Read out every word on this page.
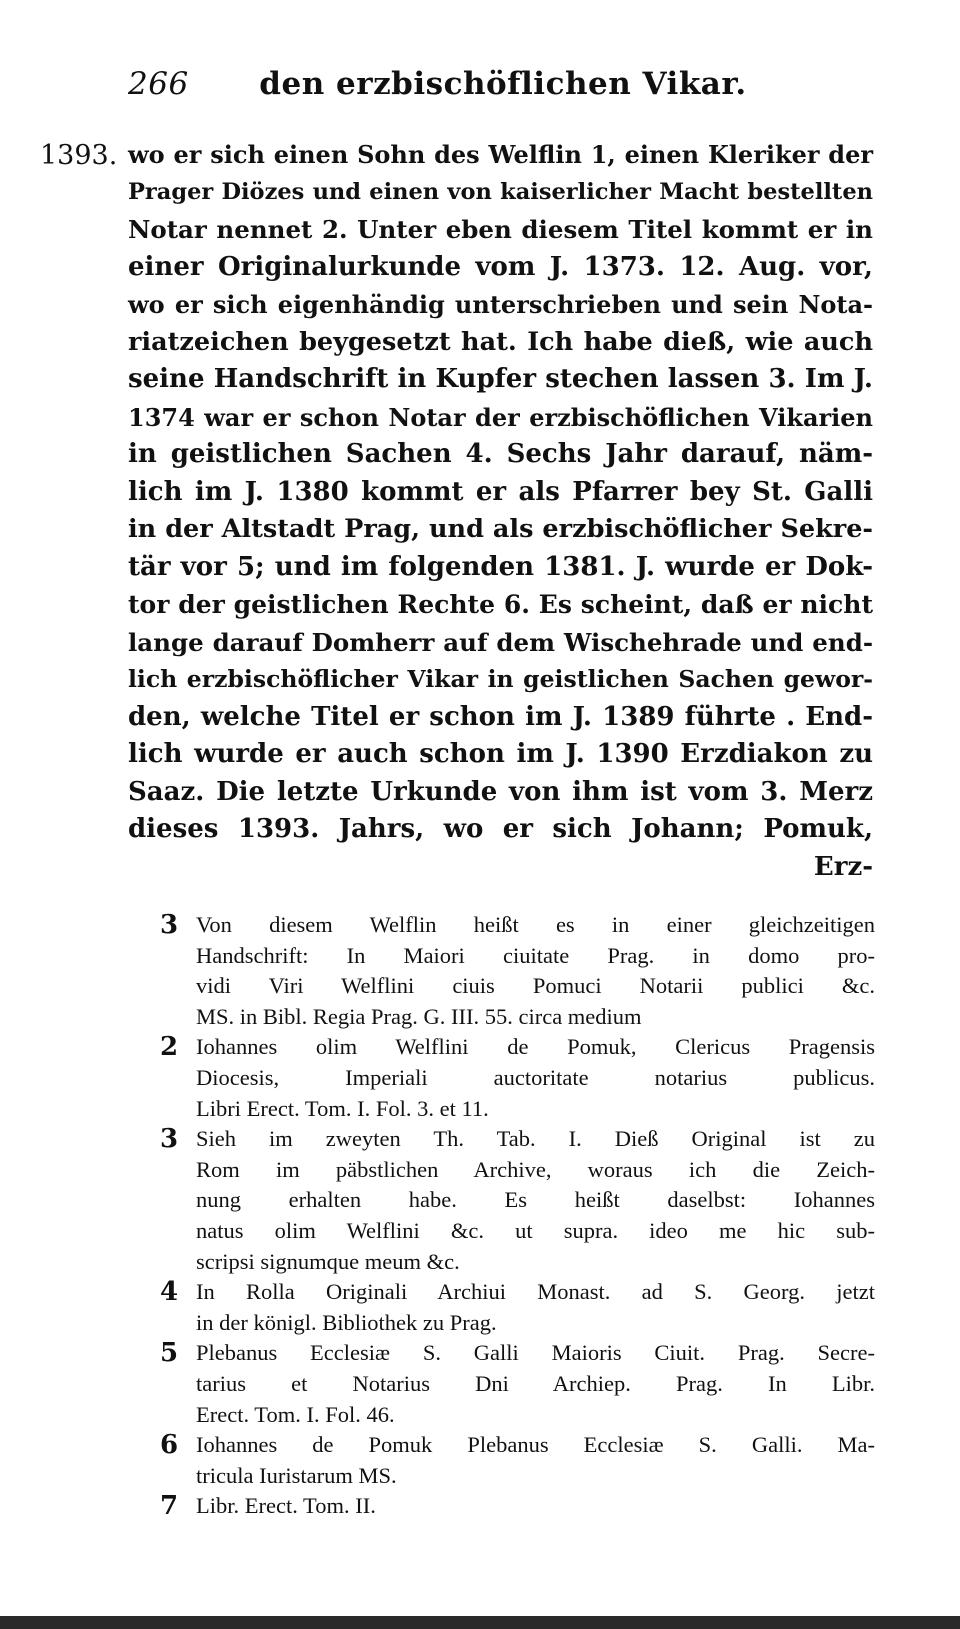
266 den erzbischöflichen Vikar.
1393. wo er sich einen Sohn des Welflin 1, einen Kleriker der
Prager Diözes und einen von kaiserlicher Macht bestellten
Notar nennet 2. Unter eben diesem Titel kommt er in
einer Originalurkunde vom J. 1373. 12. Aug. vor,
wo er sich eigenhändig unterschrieben und sein Nota-
riatzeichen beygesetzt hat. Ich habe dieß, wie auch
seine Handschrift in Kupfer stechen lassen 3. Im J.
1374 war er schon Notar der erzbischöflichen Vikarien
in geistlichen Sachen 4. Sechs Jahr darauf, näm-
lich im J. 1380 kommt er als Pfarrer bey St. Galli
in der Altstadt Prag, und als erzbischöflicher Sekre-
tär vor 5; und im folgenden 1381. J. wurde er Dok-
tor der geistlichen Rechte 6. Es scheint, daß er nicht
lange darauf Domherr auf dem Wischehrade und end-
lich erzbischöflicher Vikar in geistlichen Sachen gewor-
den, welche Titel er schon im J. 1389 führte . End-
lich wurde er auch schon im J. 1390 Erzdiakon zu
Saaz. Die letzte Urkunde von ihm ist vom 3. Merz
dieses 1393. Jahrs, wo er sich Johann; Pomuk,
Erz-
3 Von diesem Welflin heißt es in einer gleichzeitigen
Handschrift: In Maiori ciuitate Prag. in domo pro-
vidi Viri Welflini ciuis Pomuci Notarii publici &c.
MS. in Bibl. Regia Prag. G. III. 55. circa medium
2 Iohannes olim Welflini de Pomuk, Clericus Pragensis
Diocesis, Imperiali auctoritate notarius publicus.
Libri Erect. Tom. I. Fol. 3. et 11.
3 Sieh im zweyten Th. Tab. I. Dieß Original ist zu
Rom im päbstlichen Archive, woraus ich die Zeich-
nung erhalten habe. Es heißt daselbst: Iohannes
natus olim Welflini &c. ut supra. ideo me hic sub-
scripsi signumque meum &c.
4 In Rolla Originali Archiui Monast. ad S. Georg. jetzt
in der königl. Bibliothek zu Prag.
5 Plebanus Ecclesiæ S. Galli Maioris Ciuit. Prag. Secre-
tarius et Notarius Dni Archiep. Prag. In Libr.
Erect. Tom. I. Fol. 46.
6 Iohannes de Pomuk Plebanus Ecclesiæ S. Galli. Ma-
tricula Iuristarum MS.
7 Libr. Erect. Tom. II.
